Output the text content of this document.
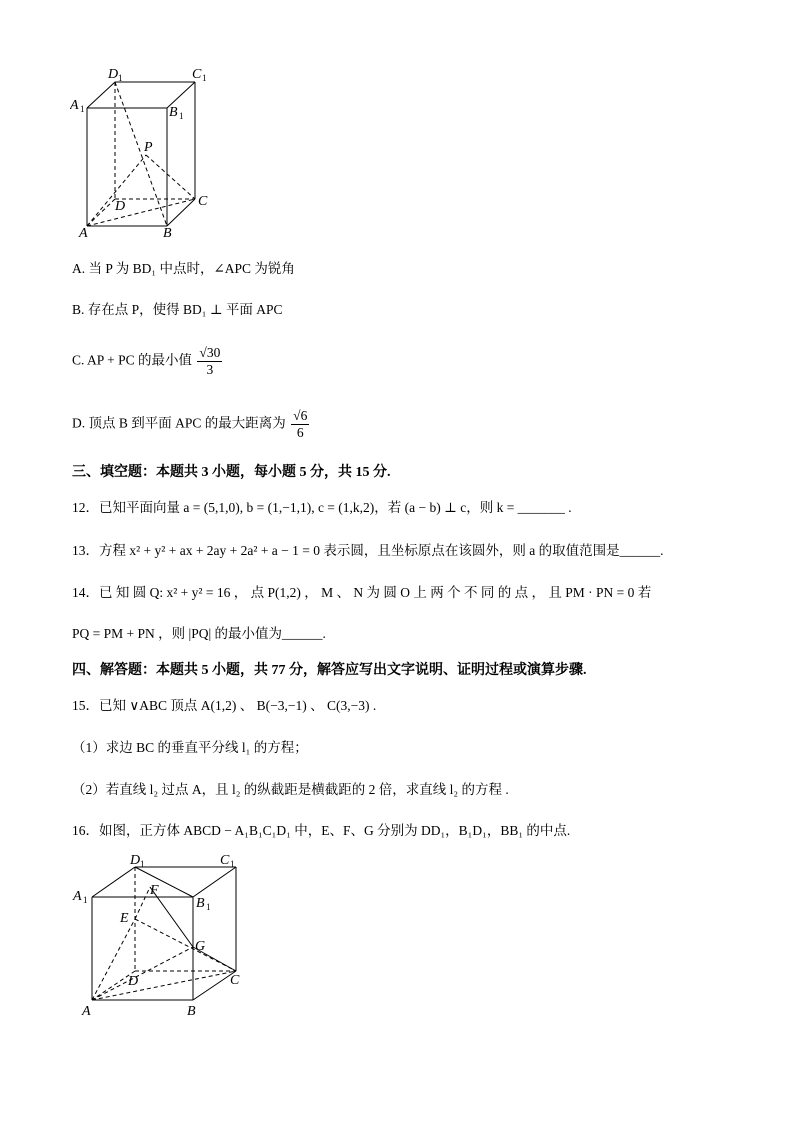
D 1	C 1
A 1	B 1
P
D	C
A	B
A. 当 P 为 BD₁ 中点时，∠APC 为锐角
B. 存在点 P，使得 BD₁ ⊥ 平面 APC
C. AP + PC 的最小值 $\frac{√30}{3}$
D. 顶点 B 到平面 APC 的最大距离为 $\frac{√6}{6}$
三、填空题：本题共 3 小题，每小题 5 分，共 15 分.
12．已知平面向量 a = (5,1,0), b = (1,−1,1), c = (1,k,2)，若 (a − b) ⊥ c，则 k = _______ .
13．方程 x² + y² + ax + 2ay + 2a² + a − 1 = 0 表示圆，且坐标原点在该圆外，则 a 的取值范围是______.
14．已 知 圆 Q: x² + y² = 16 ， 点 P(1,2) ， M 、 N 为 圆 O 上 两 个 不 同 的 点 ， 且 PM · PN = 0 若
PQ = PM + PN ，则 |PQ| 的最小值为______.
四、解答题：本题共 5 小题，共 77 分，解答应写出文字说明、证明过程或演算步骤.
15．已知 ∨ABC 顶点 A(1,2) 、 B(−3,−1) 、 C(3,−3) .
（1）求边 BC 的垂直平分线 l₁ 的方程；
（2）若直线 l₂ 过点 A，且 l₂ 的纵截距是横截距的 2 倍，求直线 l₂ 的方程 .
16．如图，正方体 ABCD − A₁B₁C₁D₁ 中，E、F、G 分别为 DD₁，B₁D₁，BB₁ 的中点.
D 1	C 1
A 1	B 1
F
E
G
D	C
A	B
